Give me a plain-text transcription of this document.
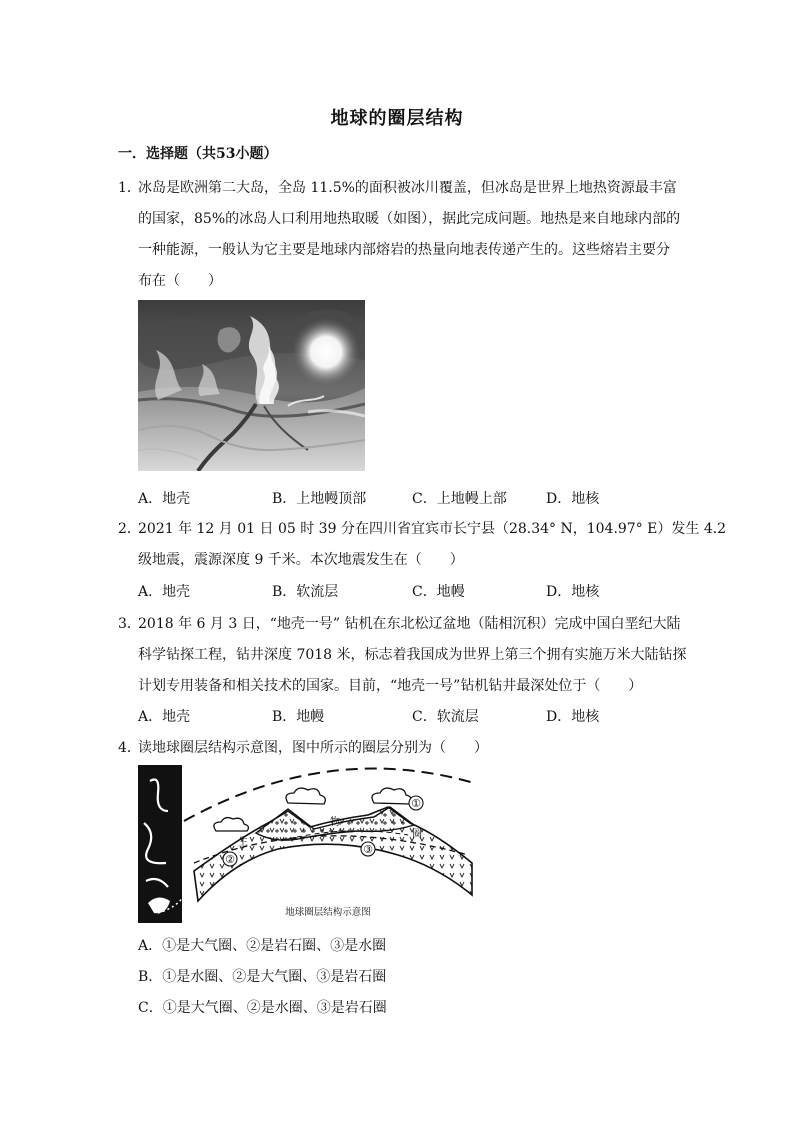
地球的圈层结构
一．选择题（共53小题）
1．
冰岛是欧洲第二大岛，全岛 11.5%的面积被冰川覆盖，但冰岛是世界上地热资源最丰富
的国家，85%的冰岛人口利用地热取暖（如图），据此完成问题。地热是来自地球内部的
一种能源，一般认为它主要是地球内部熔岩的热量向地表传递产生的。这些熔岩主要分
布在（　　）
A．地壳	B．上地幔顶部	C．上地幔上部	D．地核
2．
2021 年 12 月 01 日 05 时 39 分在四川省宜宾市长宁县（28.34° N，104.97° E）发生 4.2
级地震，震源深度 9 千米。本次地震发生在（　　）
A．地壳	B．软流层	C．地幔	D．地核
3．
2018 年 6 月 3 日，“地壳一号” 钻机在东北松辽盆地（陆相沉积）完成中国白垩纪大陆
科学钻探工程，钻井深度 7018 米，标志着我国成为世界上第三个拥有实施万米大陆钻探
计划专用装备和相关技术的国家。目前，“地壳一号”钻机钻井最深处位于（　　）
A．地壳	B．地幔	C．软流层	D．地核
4．
读地球圈层结构示意图，图中所示的圈层分别为（　　）
①
②
③
生
物
圈
地球圈层结构示意图
A．①是大气圈、②是岩石圈、③是水圈
B．①是水圈、②是大气圈、③是岩石圈
C．①是大气圈、②是水圈、③是岩石圈
